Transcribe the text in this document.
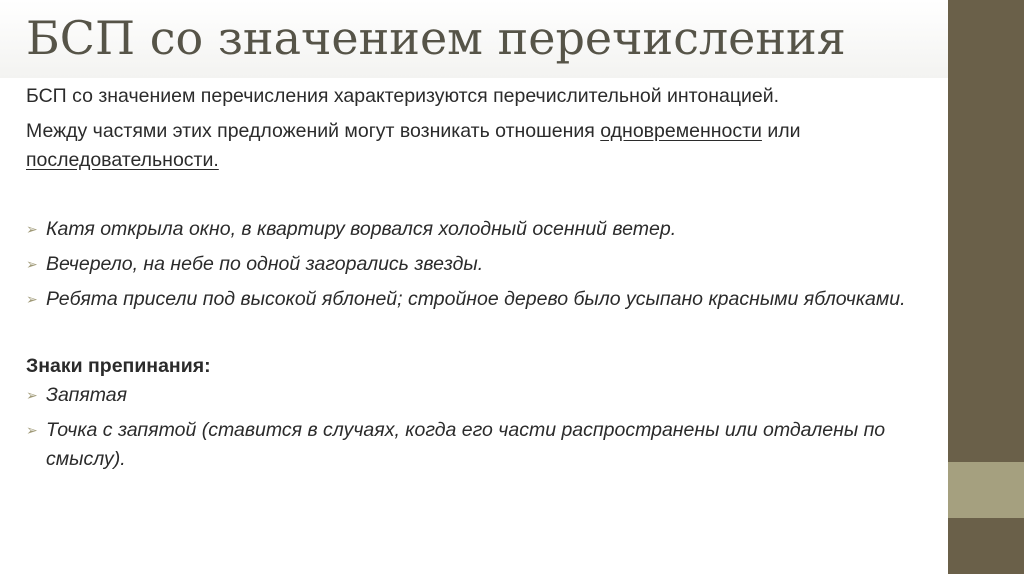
БСП со значением перечисления

БСП со значением перечисления характеризуются перечислительной интонацией.

Между частями этих предложений могут возникать отношения одновременности или последовательности.

➢ Катя открыла окно, в квартиру ворвался холодный осенний ветер.
➢ Вечерело, на небе по одной загорались звезды.
➢ Ребята присели под высокой яблоней; стройное дерево было усыпано красными яблочками.

Знаки препинания:

➢ Запятая
➢ Точка с запятой (ставится в случаях, когда его части распространены или отдалены по смыслу).
